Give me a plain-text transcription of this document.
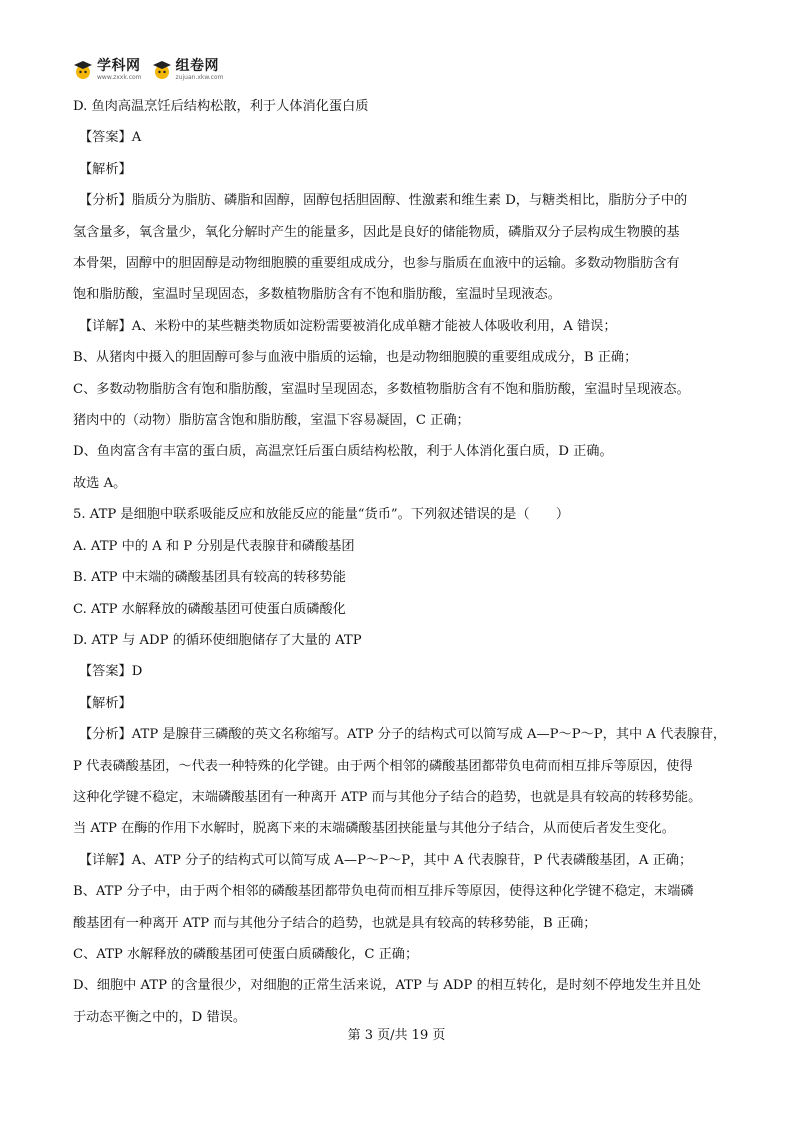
学科网
www.zxxk.com
组卷网
zujuan.xkw.com
D. 鱼肉高温烹饪后结构松散，利于人体消化蛋白质
【答案】A
【解析】
【分析】脂质分为脂肪、磷脂和固醇，固醇包括胆固醇、性激素和维生素 D，与糖类相比，脂肪分子中的
氢含量多，氧含量少，氧化分解时产生的能量多，因此是良好的储能物质，磷脂双分子层构成生物膜的基
本骨架，固醇中的胆固醇是动物细胞膜的重要组成成分，也参与脂质在血液中的运输。多数动物脂肪含有
饱和脂肪酸，室温时呈现固态，多数植物脂肪含有不饱和脂肪酸，室温时呈现液态。
【详解】A、米粉中的某些糖类物质如淀粉需要被消化成单糖才能被人体吸收利用，A 错误；
B、从猪肉中摄入的胆固醇可参与血液中脂质的运输，也是动物细胞膜的重要组成成分，B 正确；
C、多数动物脂肪含有饱和脂肪酸，室温时呈现固态，多数植物脂肪含有不饱和脂肪酸，室温时呈现液态。
猪肉中的（动物）脂肪富含饱和脂肪酸，室温下容易凝固，C 正确；
D、鱼肉富含有丰富的蛋白质，高温烹饪后蛋白质结构松散，利于人体消化蛋白质，D 正确。
故选 A。
5. ATP 是细胞中联系吸能反应和放能反应的能量“货币”。下列叙述错误的是（　　）
A. ATP 中的 A 和 P 分别是代表腺苷和磷酸基团
B. ATP 中末端的磷酸基团具有较高的转移势能
C. ATP 水解释放的磷酸基团可使蛋白质磷酸化
D. ATP 与 ADP 的循环使细胞储存了大量的 ATP
【答案】D
【解析】
【分析】ATP 是腺苷三磷酸的英文名称缩写。ATP 分子的结构式可以简写成 A—P～P～P，其中 A 代表腺苷，
P 代表磷酸基团，～代表一种特殊的化学键。由于两个相邻的磷酸基团都带负电荷而相互排斥等原因，使得
这种化学键不稳定，末端磷酸基团有一种离开 ATP 而与其他分子结合的趋势，也就是具有较高的转移势能。
当 ATP 在酶的作用下水解时，脱离下来的末端磷酸基团挟能量与其他分子结合，从而使后者发生变化。
【详解】A、ATP 分子的结构式可以简写成 A—P～P～P，其中 A 代表腺苷，P 代表磷酸基团，A 正确；
B、ATP 分子中，由于两个相邻的磷酸基团都带负电荷而相互排斥等原因，使得这种化学键不稳定，末端磷
酸基团有一种离开 ATP 而与其他分子结合的趋势，也就是具有较高的转移势能，B 正确；
C、ATP 水解释放的磷酸基团可使蛋白质磷酸化，C 正确；
D、细胞中 ATP 的含量很少，对细胞的正常生活来说，ATP 与 ADP 的相互转化，是时刻不停地发生并且处
于动态平衡之中的，D 错误。
第 3 页/共 19 页
